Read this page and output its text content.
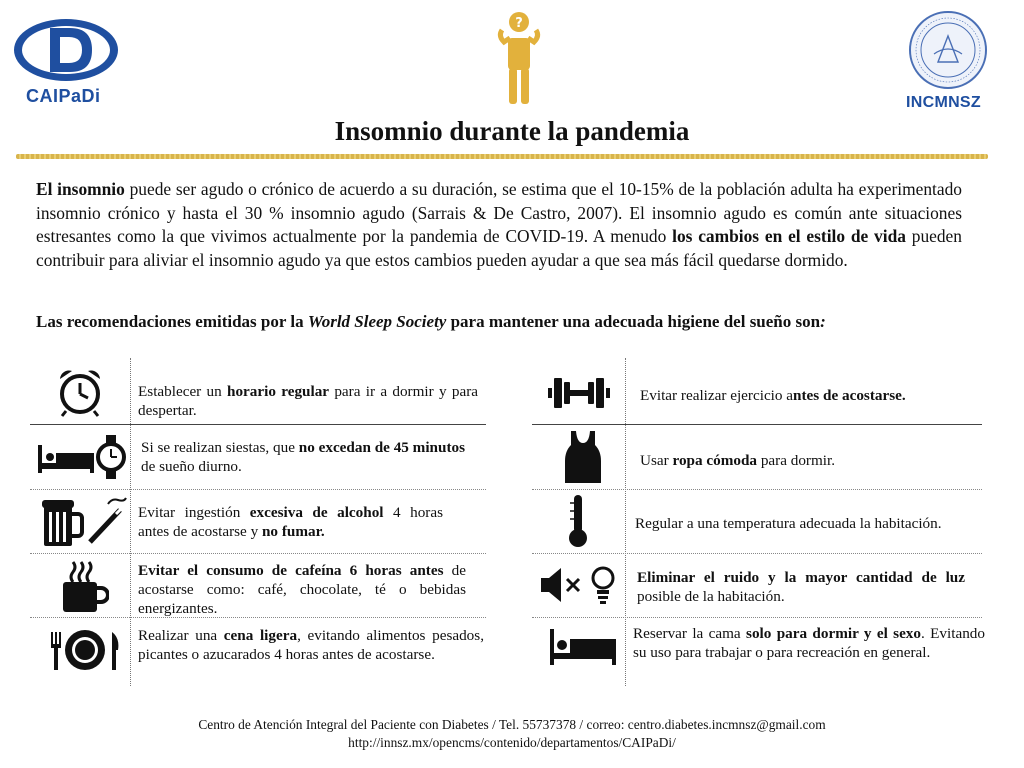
CAIPaDi
?
INCMNSZ
Insomnio durante la pandemia

El insomnio puede ser agudo o crónico de acuerdo a su duración, se estima que el 10-15% de la población adulta ha experimentado insomnio crónico y hasta el 30 % insomnio agudo (Sarrais & De Castro, 2007). El insomnio agudo es común ante situaciones estresantes como la que vivimos actualmente por la pandemia de COVID-19. A menudo los cambios en el estilo de vida pueden contribuir para aliviar el insomnio agudo ya que estos cambios pueden ayudar a que sea más fácil quedarse dormido.

Las recomendaciones emitidas por la World Sleep Society para mantener una adecuada higiene del sueño son:

Establecer un horario regular para ir a dormir y para despertar.
Si se realizan siestas, que no excedan de 45 minutos de sueño diurno.
Evitar ingestión excesiva de alcohol 4 horas antes de acostarse y no fumar.
Evitar el consumo de cafeína 6 horas antes de acostarse como: café, chocolate, té o bebidas energizantes.
Realizar una cena ligera, evitando alimentos pesados, picantes o azucarados 4 horas antes de acostarse.
Evitar realizar ejercicio antes de acostarse.
Usar ropa cómoda para dormir.
Regular a una temperatura adecuada la habitación.
Eliminar el ruido y la mayor cantidad de luz posible de la habitación.
Reservar la cama solo para dormir y el sexo. Evitando su uso para trabajar o para recreación en general.
Centro de Atención Integral del Paciente con Diabetes / Tel. 55737378 / correo: centro.diabetes.incmnsz@gmail.com
http://innsz.mx/opencms/contenido/departamentos/CAIPaDi/
